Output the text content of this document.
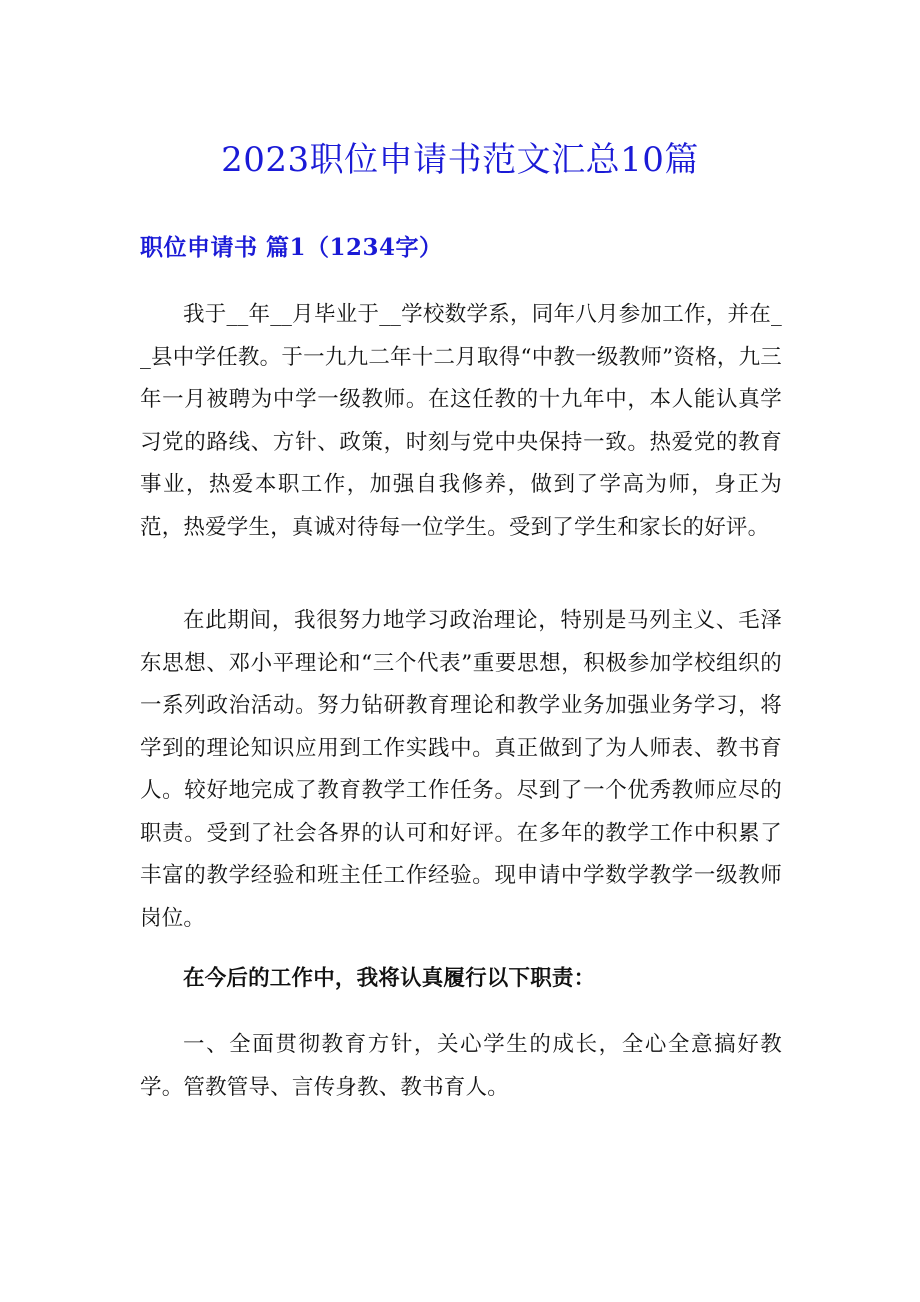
2023职位申请书范文汇总10篇
职位申请书 篇1（1234字）

我于__年__月毕业于__学校数学系，同年八月参加工作，并在__县中学任教。于一九九二年十二月取得“中教一级教师”资格，九三年一月被聘为中学一级教师。在这任教的十九年中，本人能认真学习党的路线、方针、政策，时刻与党中央保持一致。热爱党的教育事业，热爱本职工作，加强自我修养，做到了学高为师，身正为范，热爱学生，真诚对待每一位学生。受到了学生和家长的好评。

在此期间，我很努力地学习政治理论，特别是马列主义、毛泽东思想、邓小平理论和“三个代表”重要思想，积极参加学校组织的一系列政治活动。努力钻研教育理论和教学业务加强业务学习，将学到的理论知识应用到工作实践中。真正做到了为人师表、教书育人。较好地完成了教育教学工作任务。尽到了一个优秀教师应尽的职责。受到了社会各界的认可和好评。在多年的教学工作中积累了丰富的教学经验和班主任工作经验。现申请中学数学教学一级教师岗位。

在今后的工作中，我将认真履行以下职责：

一、全面贯彻教育方针，关心学生的成长，全心全意搞好教学。管教管导、言传身教、教书育人。
